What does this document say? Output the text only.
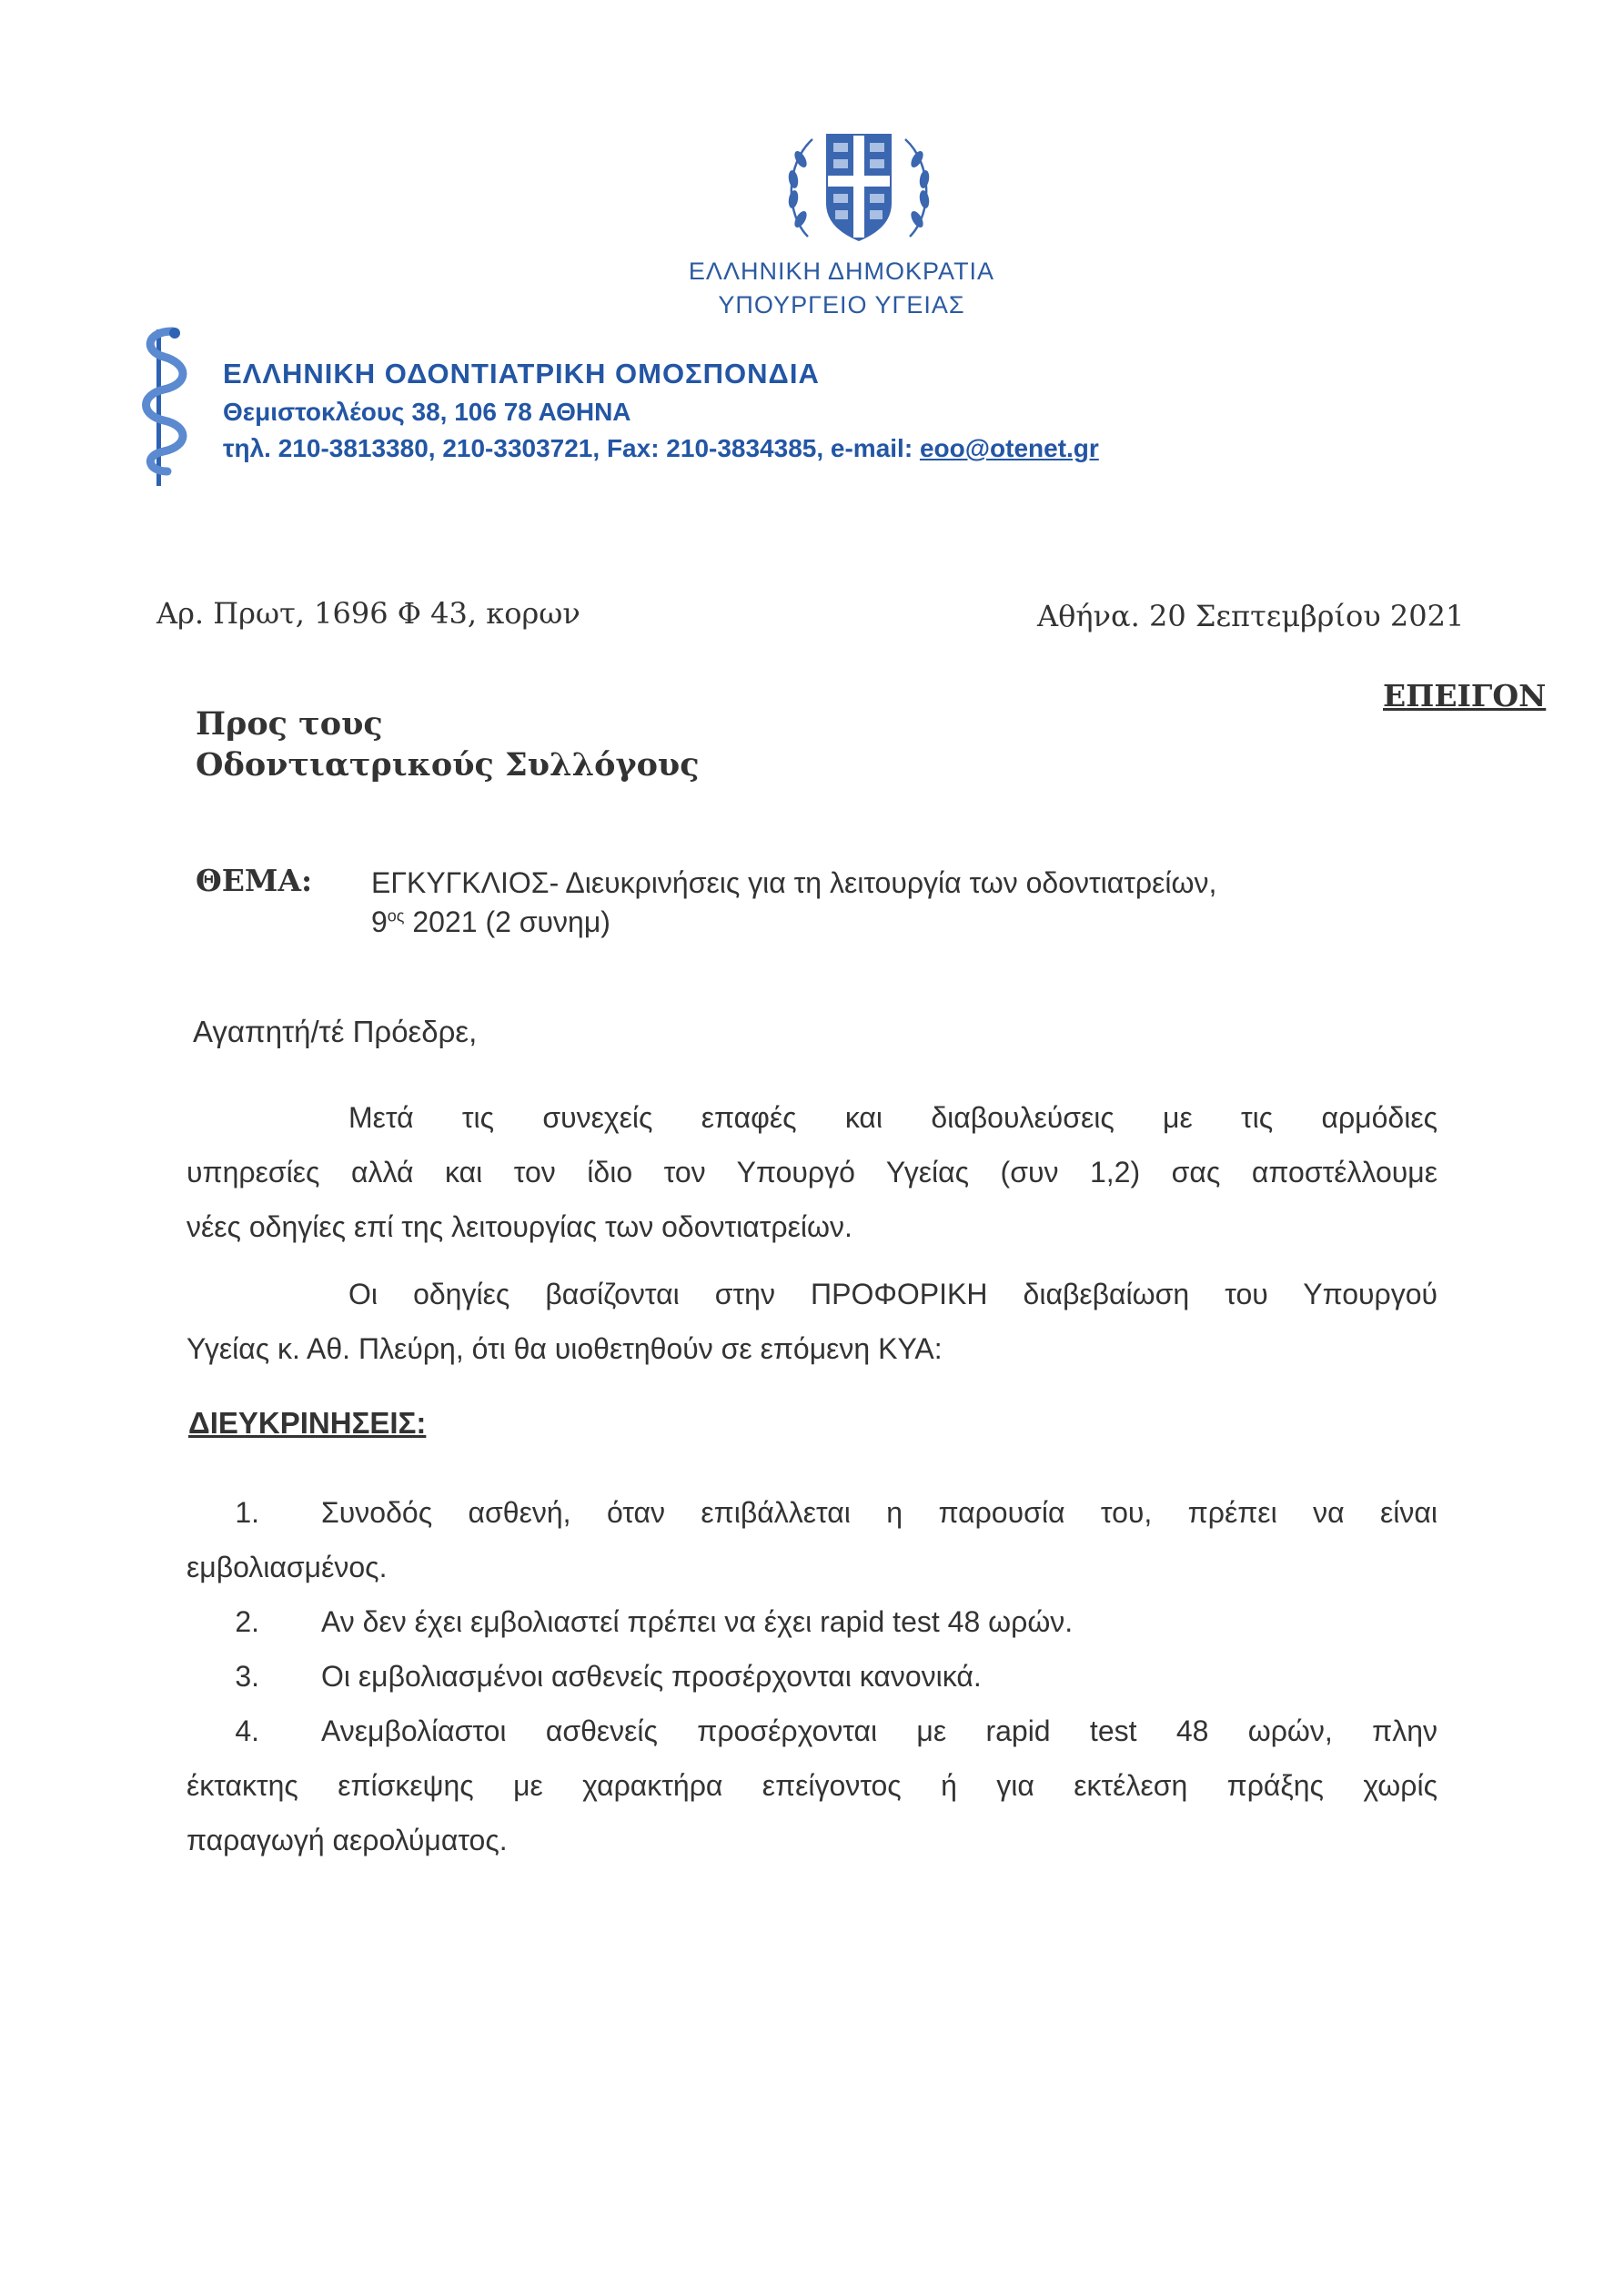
ΕΛΛΗΝΙΚΗ ΔΗΜΟΚΡΑΤΙΑ
ΥΠΟΥΡΓΕΙΟ ΥΓΕΙΑΣ
ΕΛΛΗΝΙΚΗ ΟΔΟΝΤΙΑΤΡΙΚΗ ΟΜΟΣΠΟΝΔΙΑ
Θεμιστοκλέους 38, 106 78 ΑΘΗΝΑ
τηλ. 210-3813380, 210-3303721, Fax: 210-3834385, e-mail: eoo@otenet.gr
Αρ. Πρωτ, 1696 Φ 43, κορων	Αθήνα. 20 Σεπτεμβρίου 2021
ΕΠΕΙΓΟΝ
Προς τους
Οδοντιατρικούς Συλλόγους
ΘΕΜΑ: ΕΓΚΥΓΚΛΙΟΣ- Διευκρινήσεις για τη λειτουργία των οδοντιατρείων,
$9^{o\varsigma}$ 2021 (2 συνημ)
Αγαπητή/τέ Πρόεδρε,
Μετά τις συνεχείς επαφές και διαβουλεύσεις με τις αρμόδιες
υπηρεσίες αλλά και τον ίδιο τον Υπουργό Υγείας (συν 1,2) σας αποστέλλουμε
νέες οδηγίες επί της λειτουργίας των οδοντιατρείων.
Οι οδηγίες βασίζονται στην ΠΡΟΦΟΡΙΚΗ διαβεβαίωση του Υπουργού
Υγείας κ. Αθ. Πλεύρη, ότι θα υιοθετηθούν σε επόμενη ΚΥΑ:
ΔΙΕΥΚΡΙΝΗΣΕΙΣ:
1. Συνοδός ασθενή, όταν επιβάλλεται η παρουσία του, πρέπει να είναι
εμβολιασμένος.
2. Αν δεν έχει εμβολιαστεί πρέπει να έχει rapid test 48 ωρών.
3. Οι εμβολιασμένοι ασθενείς προσέρχονται κανονικά.
4. Ανεμβολίαστοι ασθενείς προσέρχονται με rapid test 48 ωρών, πλην
έκτακτης επίσκεψης με χαρακτήρα επείγοντος ή για εκτέλεση πράξης χωρίς
παραγωγή αερολύματος.
